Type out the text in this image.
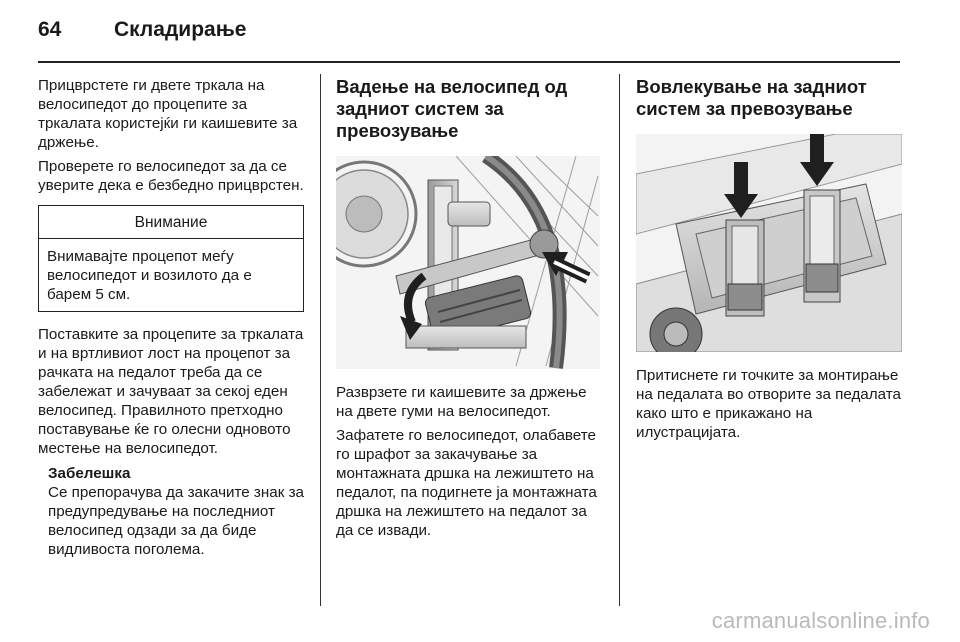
64	Складирање

Прицврстете ги двете тркала на велосипедот до процепите за тркалата користејќи ги каишевите за држење.

Проверете го велосипедот за да се уверите дека е безбедно прицврстен.

Внимание
Внимавајте процепот меѓу велосипедот и возилото да е барем 5 см.

Поставките за процепите за тркалата и на вртливиот лост на процепот за рачката на педалот треба да се забележат и зачуваат за секој еден велосипед. Правилното претходно поставување ќе го олесни одновото местење на велосипедот.

Забелешка
Се препорачува да закачите знак за предупредување на последниот велосипед одзади за да биде видливоста поголема.
Вадење на велосипед од задниот систем за превозување

Разврзете ги каишевите за држење на двете гуми на велосипедот.

Зафатете го велосипедот, олабавете го шрафот за закачување за монтажната дршка на лежиштето на педалот, па подигнете ја монтажната дршка на лежиштето на педалот за да се извади.

Вовлекување на задниот систем за превозување

Притиснете ги точките за монтирање на педалата во отворите за педалата како што е прикажано на илустрацијата.

carmanualsonline.info
